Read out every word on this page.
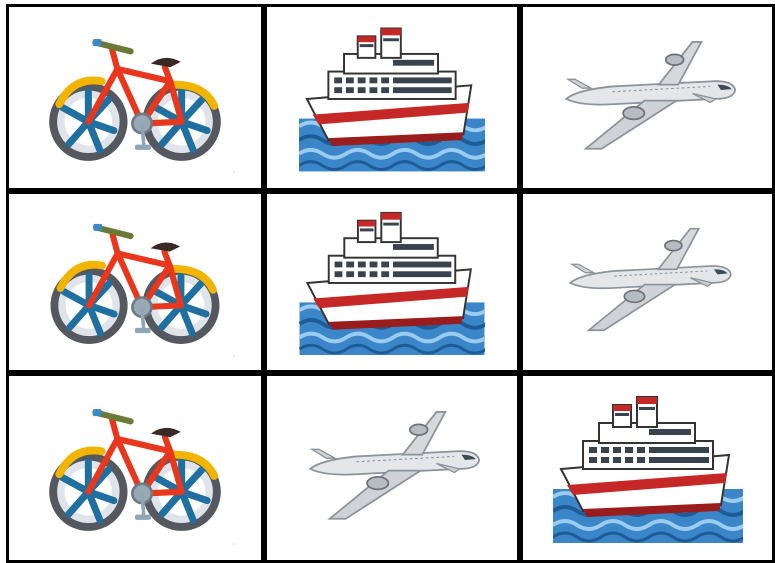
·
·
·
